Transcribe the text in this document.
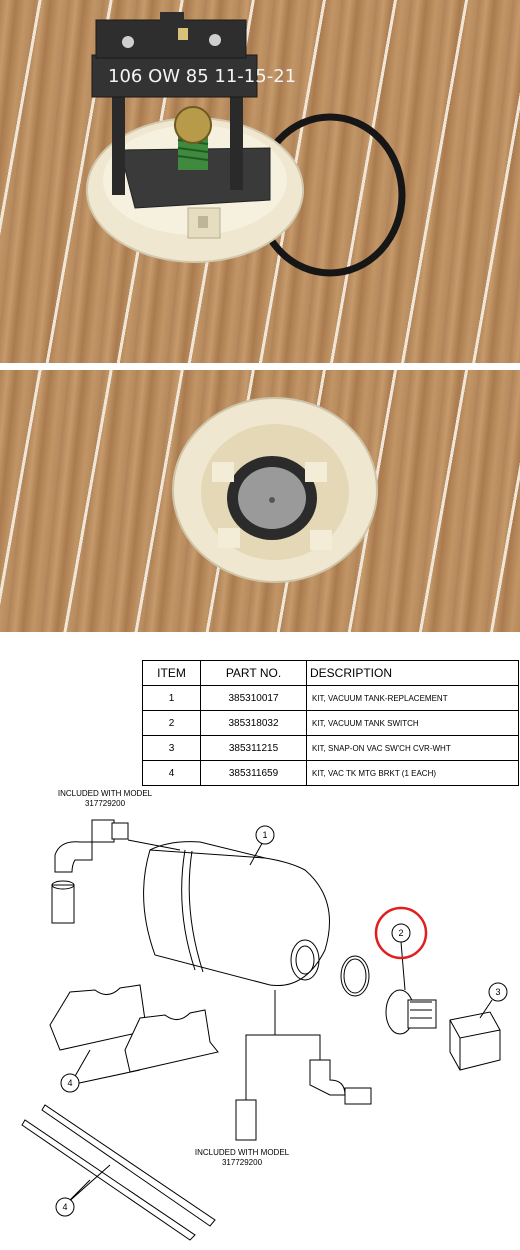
106 OW 85 11-15-21
ITEM	PART NO.	DESCRIPTION
1	385310017	KIT, VACUUM TANK-REPLACEMENT
2	385318032	KIT, VACUUM TANK SWITCH
3	385311215	KIT, SNAP-ON VAC SW'CH CVR-WHT
4	385311659	KIT, VAC TK MTG BRKT (1 EACH)
1
2
3
4
4
INCLUDED WITH MODEL
317729200
INCLUDED WITH MODEL
317729200
